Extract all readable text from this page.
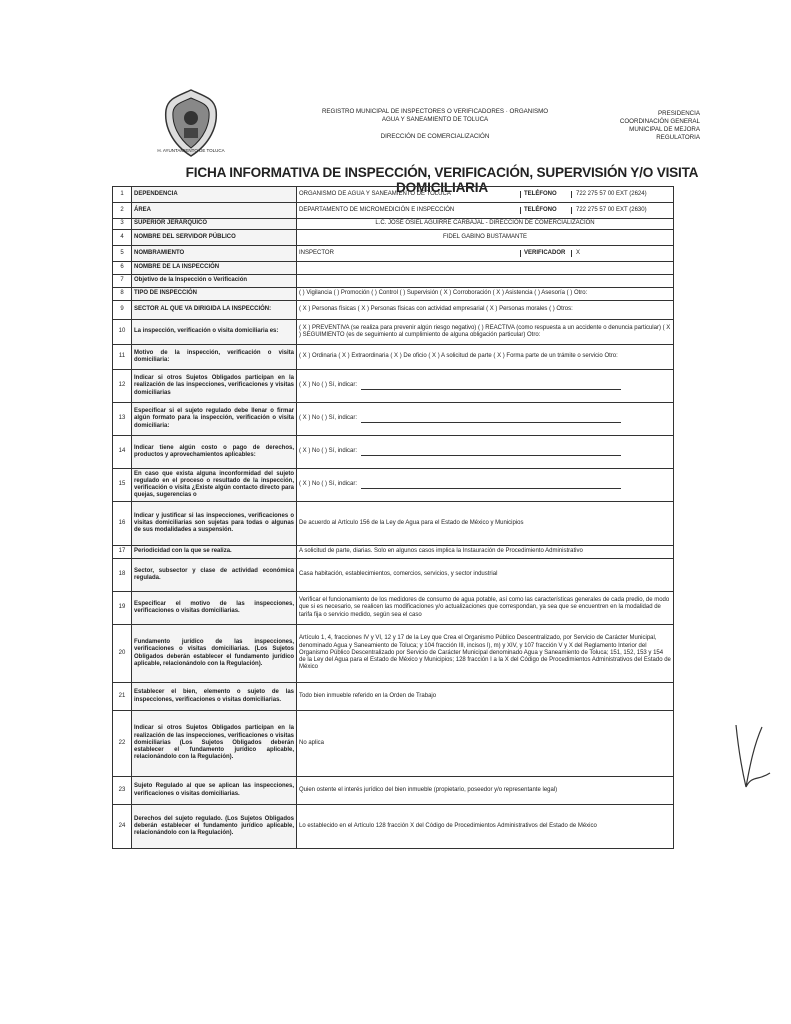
H. AYUNTAMIENTO DE TOLUCA
REGISTRO MUNICIPAL DE INSPECTORES O VERIFICADORES · ORGANISMO
AGUA Y SANEAMIENTO DE TOLUCA
DIRECCIÓN DE COMERCIALIZACIÓN
PRESIDENCIA
COORDINACIÓN GENERAL
MUNICIPAL DE MEJORA
REGULATORIA
FICHA INFORMATIVA DE INSPECCIÓN, VERIFICACIÓN, SUPERVISIÓN Y/O VISITA DOMICILIARIA
1	DEPENDENCIA	ORGANISMO DE AGUA Y SANEAMIENTO DE TOLUCA TELÉFONO 722 275 57 00 EXT (2624)

2	ÁREA	DEPARTAMENTO DE MICROMEDICIÓN E INSPECCIÓN TELÉFONO 722 275 57 00 EXT (2630)

3	SUPERIOR JERÁRQUICO	L.C. JOSÉ OSIEL AGUIRRE CARBAJAL - DIRECCIÓN DE COMERCIALIZACIÓN
4	NOMBRE DEL SERVIDOR PÚBLICO	FIDEL GABINO BUSTAMANTE
5	NOMBRAMIENTO	INSPECTOR VERIFICADOR X

6	NOMBRE DE LA INSPECCIÓN	
7	Objetivo de la Inspección o Verificación	
8	TIPO DE INSPECCIÓN	( ) Vigilancia ( ) Promoción ( ) Control ( ) Supervisión ( X ) Corroboración ( X ) Asistencia ( ) Asesoría ( ) Otro:
9	SECTOR AL QUE VA DIRIGIDA LA INSPECCIÓN:	( X ) Personas físicas ( X ) Personas físicas con actividad empresarial ( X ) Personas morales ( ) Otros:
10	La inspección, verificación o visita domiciliaria es:	( X ) PREVENTIVA (se realiza para prevenir algún riesgo negativo) ( ) REACTIVA (como respuesta a un accidente o denuncia particular) ( X ) SEGUIMIENTO (es de seguimiento al cumplimiento de alguna obligación particular) Otro:
11	Motivo de la inspección, verificación o visita domiciliaria:	( X ) Ordinaria ( X ) Extraordinaria ( X ) De oficio ( X ) A solicitud de parte ( X ) Forma parte de un trámite o servicio Otro:
12	Indicar si otros Sujetos Obligados participan en la realización de las inspecciones, verificaciones y visitas domiciliarias	( X ) No ( ) Sí, indicar:
13	Especificar si el sujeto regulado debe llenar o firmar algún formato para la inspección, verificación o visita domiciliaria:	( X ) No ( ) Sí, indicar:
14	Indicar tiene algún costo o pago de derechos, productos y aprovechamientos aplicables:	( X ) No ( ) Sí, indicar:
15	En caso que exista alguna inconformidad del sujeto regulado en el proceso o resultado de la inspección, verificación o visita ¿Existe algún contacto directo para quejas, sugerencias o	( X ) No ( ) Sí, indicar:
16	Indicar y justificar si las inspecciones, verificaciones o visitas domiciliarias son sujetas para todas o algunas de sus modalidades a suspensión.	De acuerdo al Artículo 156 de la Ley de Agua para el Estado de México y Municipios
17	Periodicidad con la que se realiza.	A solicitud de parte, diarias. Solo en algunos casos implica la Instauración de Procedimiento Administrativo
18	Sector, subsector y clase de actividad económica regulada.	Casa habitación, establecimientos, comercios, servicios, y sector industrial
19	Especificar el motivo de las inspecciones, verificaciones o visitas domiciliarias.	Verificar el funcionamiento de los medidores de consumo de agua potable, así como las características generales de cada predio, de modo que si es necesario, se realicen las modificaciones y/o actualizaciones que correspondan, ya sea que se encuentren en la modalidad de tarifa fija o servicio medido, según sea el caso
20	Fundamento jurídico de las inspecciones, verificaciones o visitas domiciliarias. (Los Sujetos Obligados deberán establecer el fundamento jurídico aplicable, relacionándolo con la Regulación).	Artículo 1, 4, fracciones IV y VI, 12 y 17 de la Ley que Crea el Organismo Público Descentralizado, por Servicio de Carácter Municipal, denominado Agua y Saneamiento de Toluca; y 104 fracción III, incisos l), m) y XIV, y 107 fracción V y X del Reglamento Interior del Organismo Público Descentralizado por Servicio de Carácter Municipal denominado Agua y Saneamiento de Toluca; 151, 152, 153 y 154 de la Ley del Agua para el Estado de México y Municipios; 128 fracción I a la X del Código de Procedimientos Administrativos del Estado de México
21	Establecer el bien, elemento o sujeto de las inspecciones, verificaciones o visitas domiciliarias.	Todo bien inmueble referido en la Orden de Trabajo
22	Indicar si otros Sujetos Obligados participan en la realización de las inspecciones, verificaciones o visitas domiciliarias (Los Sujetos Obligados deberán establecer el fundamento jurídico aplicable, relacionándolo con la Regulación).	No aplica
23	Sujeto Regulado al que se aplican las inspecciones, verificaciones o visitas domiciliarias.	Quien ostente el interés jurídico del bien inmueble (propietario, poseedor y/o representante legal)
24	Derechos del sujeto regulado. (Los Sujetos Obligados deberán establecer el fundamento jurídico aplicable, relacionándolo con la Regulación).	Lo establecido en el Artículo 128 fracción X del Código de Procedimientos Administrativos del Estado de México
